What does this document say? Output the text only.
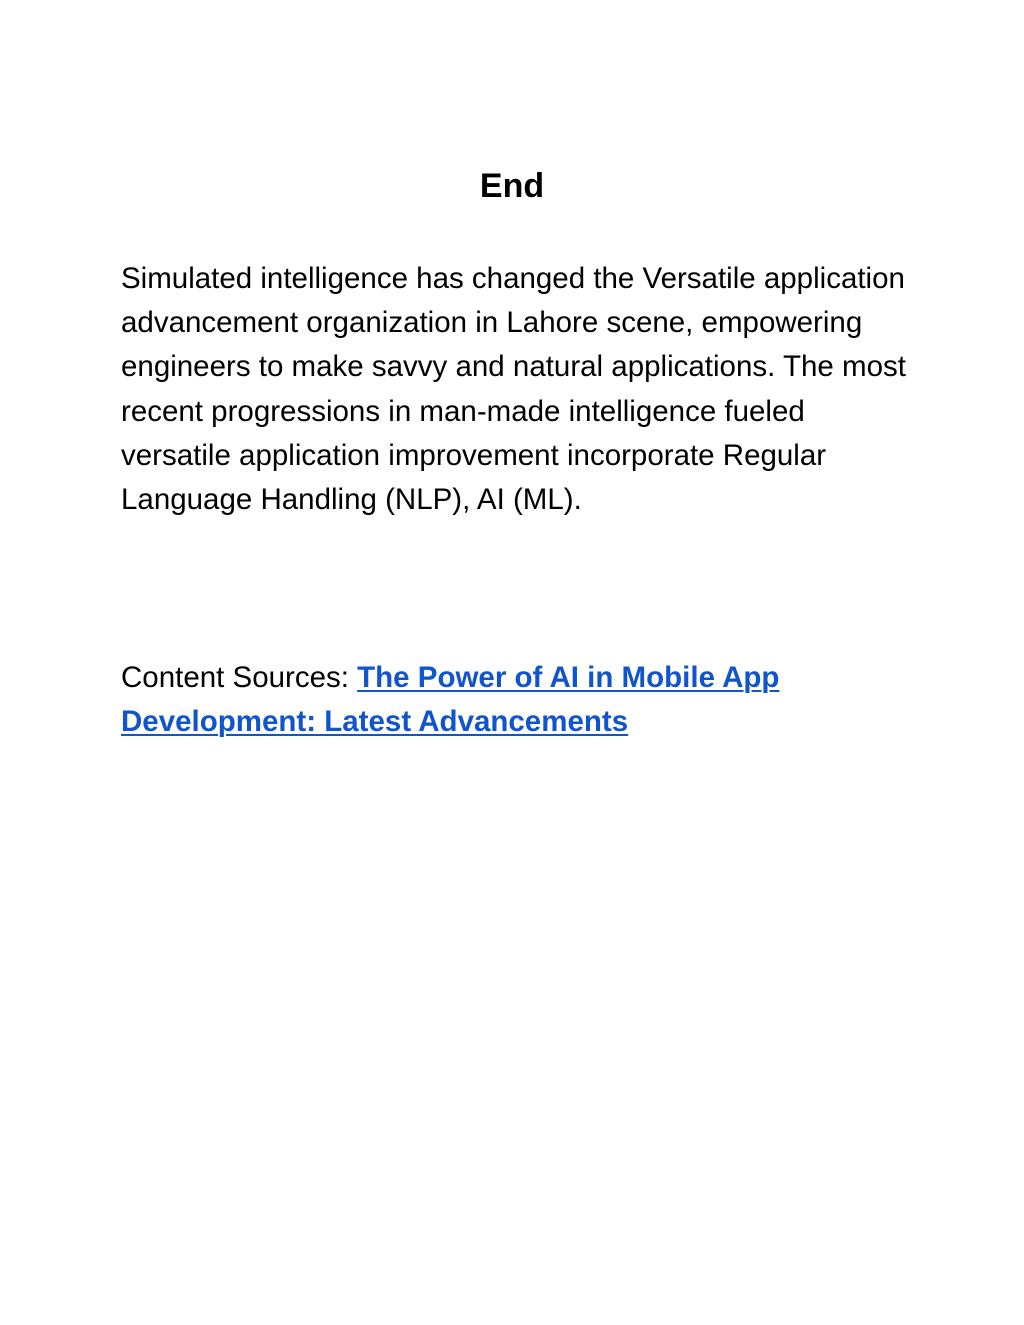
End

Simulated intelligence has changed the Versatile application advancement organization in Lahore scene, empowering engineers to make savvy and natural applications. The most recent progressions in man-made intelligence fueled versatile application improvement incorporate Regular Language Handling (NLP), AI (ML).

Content Sources: The Power of AI in Mobile App Development: Latest Advancements
